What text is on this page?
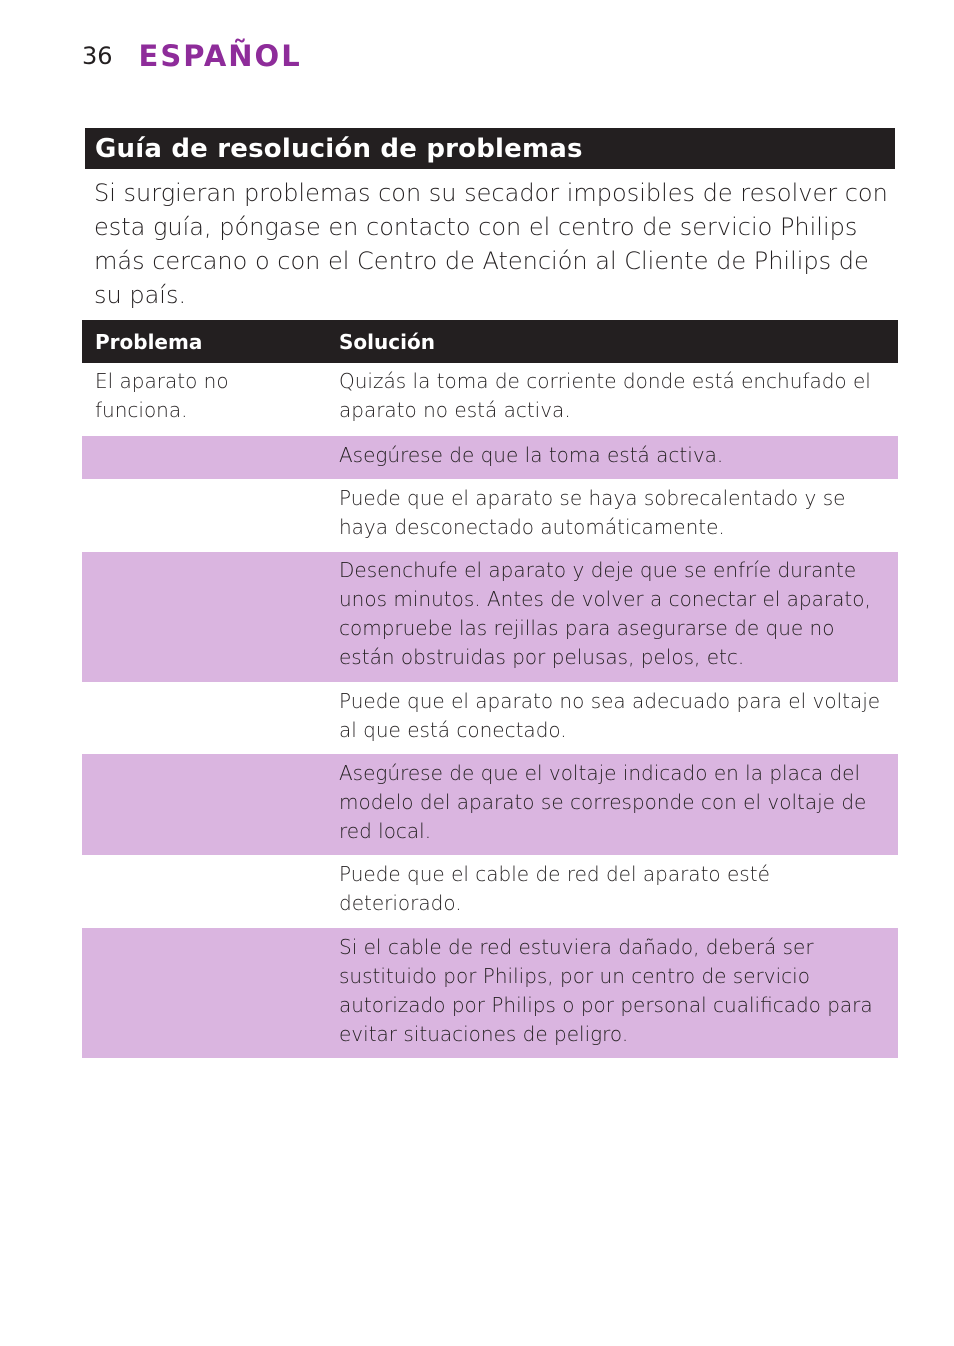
36 ESPAÑOL
Guía de resolución de problemas

Si surgieran problemas con su secador imposibles de resolver con esta guía, póngase en contacto con el centro de servicio Philips más cercano o con el Centro de Atención al Cliente de Philips de su país.

Problema	Solución
El aparato no funciona.
Quizás la toma de corriente donde está enchufado el aparato no está activa.
Asegúrese de que la toma está activa.
Puede que el aparato se haya sobrecalentado y se haya desconectado automáticamente.
Desenchufe el aparato y deje que se enfríe durante unos minutos. Antes de volver a conectar el aparato, compruebe las rejillas para asegurarse de que no están obstruidas por pelusas, pelos, etc.
Puede que el aparato no sea adecuado para el voltaje al que está conectado.
Asegúrese de que el voltaje indicado en la placa del modelo del aparato se corresponde con el voltaje de red local.
Puede que el cable de red del aparato esté deteriorado.
Si el cable de red estuviera dañado, deberá ser sustituido por Philips, por un centro de servicio autorizado por Philips o por personal cualificado para evitar situaciones de peligro.
